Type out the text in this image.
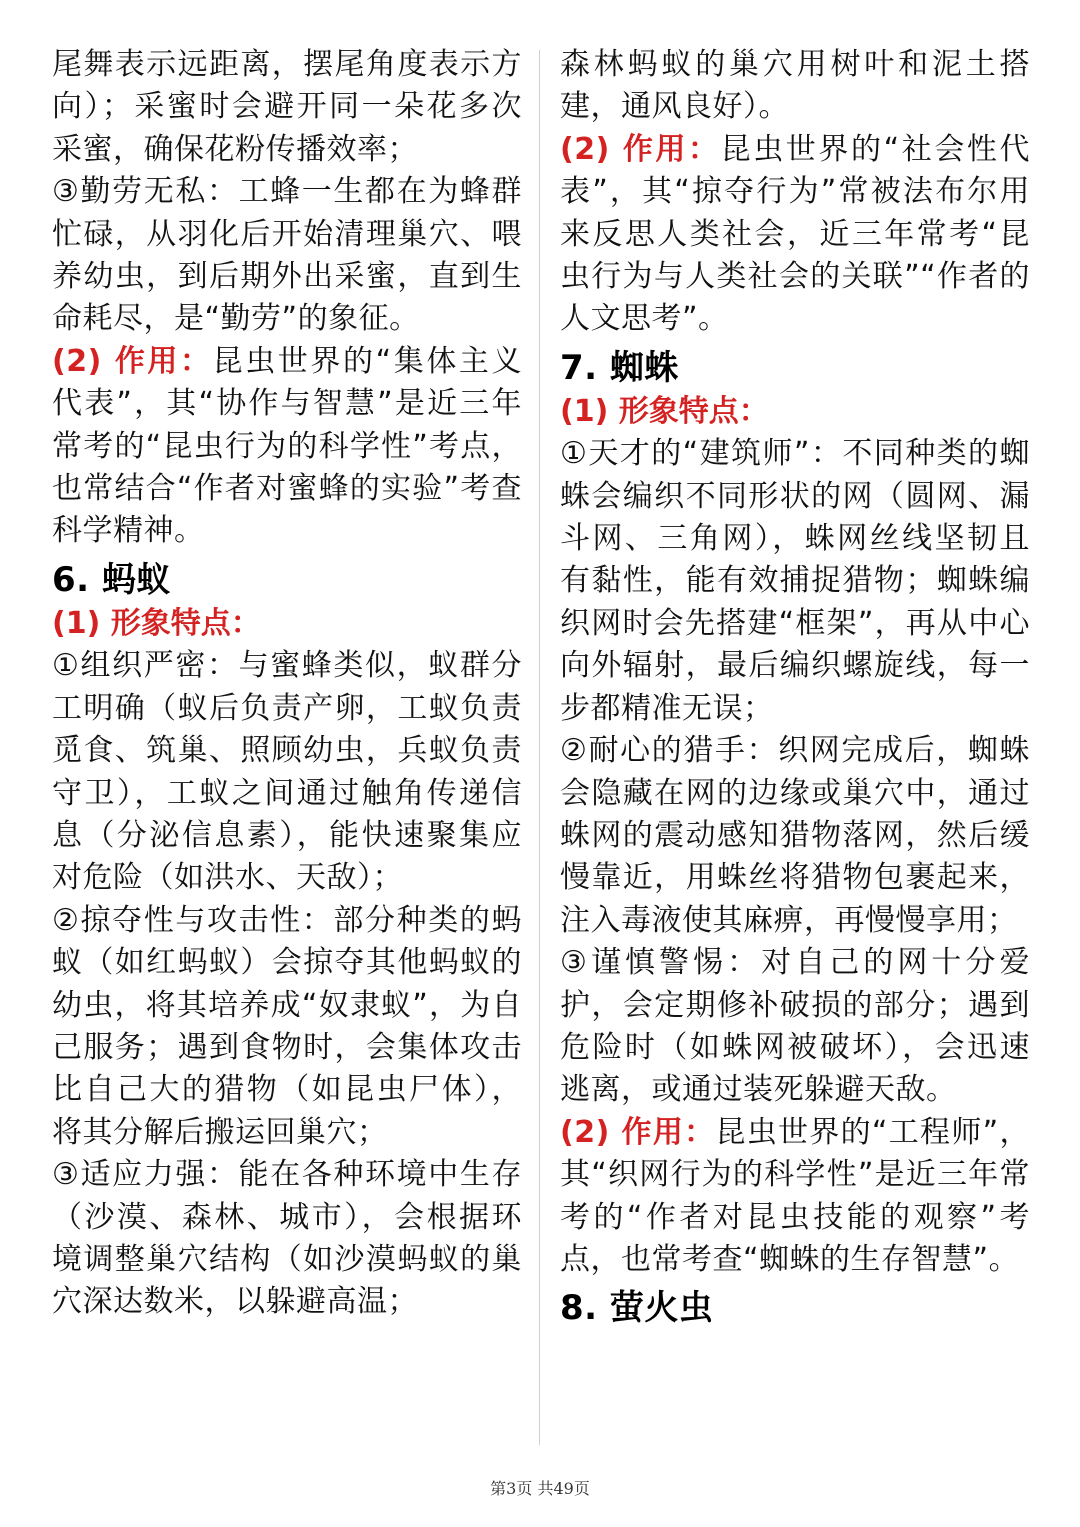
尾舞表示远距离，摆尾角度表示方向）；采蜜时会避开同一朵花多次采蜜，确保花粉传播效率；

③勤劳无私：工蜂一生都在为蜂群忙碌，从羽化后开始清理巢穴、喂养幼虫，到后期外出采蜜，直到生命耗尽，是“勤劳”的象征。

(2) 作用：昆虫世界的“集体主义代表”，其“协作与智慧”是近三年常考的“昆虫行为的科学性”考点，也常结合“作者对蜜蜂的实验”考查科学精神。

6. 蚂蚁

(1) 形象特点：

①组织严密：与蜜蜂类似，蚁群分工明确（蚁后负责产卵，工蚁负责觅食、筑巢、照顾幼虫，兵蚁负责守卫），工蚁之间通过触角传递信息（分泌信息素），能快速聚集应对危险（如洪水、天敌）；

②掠夺性与攻击性：部分种类的蚂蚁（如红蚂蚁）会掠夺其他蚂蚁的幼虫，将其培养成“奴隶蚁”，为自己服务；遇到食物时，会集体攻击比自己大的猎物（如昆虫尸体），将其分解后搬运回巢穴；

③适应力强：能在各种环境中生存（沙漠、森林、城市），会根据环境调整巢穴结构（如沙漠蚂蚁的巢穴深达数米，以躲避高温；

森林蚂蚁的巢穴用树叶和泥土搭建，通风良好）。

(2) 作用：昆虫世界的“社会性代表”，其“掠夺行为”常被法布尔用来反思人类社会，近三年常考“昆虫行为与人类社会的关联”“作者的人文思考”。

7. 蜘蛛

(1) 形象特点：

①天才的“建筑师”：不同种类的蜘蛛会编织不同形状的网（圆网、漏斗网、三角网），蛛网丝线坚韧且有黏性，能有效捕捉猎物；蜘蛛编织网时会先搭建“框架”，再从中心向外辐射，最后编织螺旋线，每一步都精准无误；

②耐心的猎手：织网完成后，蜘蛛会隐藏在网的边缘或巢穴中，通过蛛网的震动感知猎物落网，然后缓慢靠近，用蛛丝将猎物包裹起来，注入毒液使其麻痹，再慢慢享用；

③谨慎警惕：对自己的网十分爱护，会定期修补破损的部分；遇到危险时（如蛛网被破坏），会迅速逃离，或通过装死躲避天敌。

(2) 作用：昆虫世界的“工程师”，其“织网行为的科学性”是近三年常考的“作者对昆虫技能的观察”考点，也常考查“蜘蛛的生存智慧”。

8. 萤火虫
第3页 共49页
